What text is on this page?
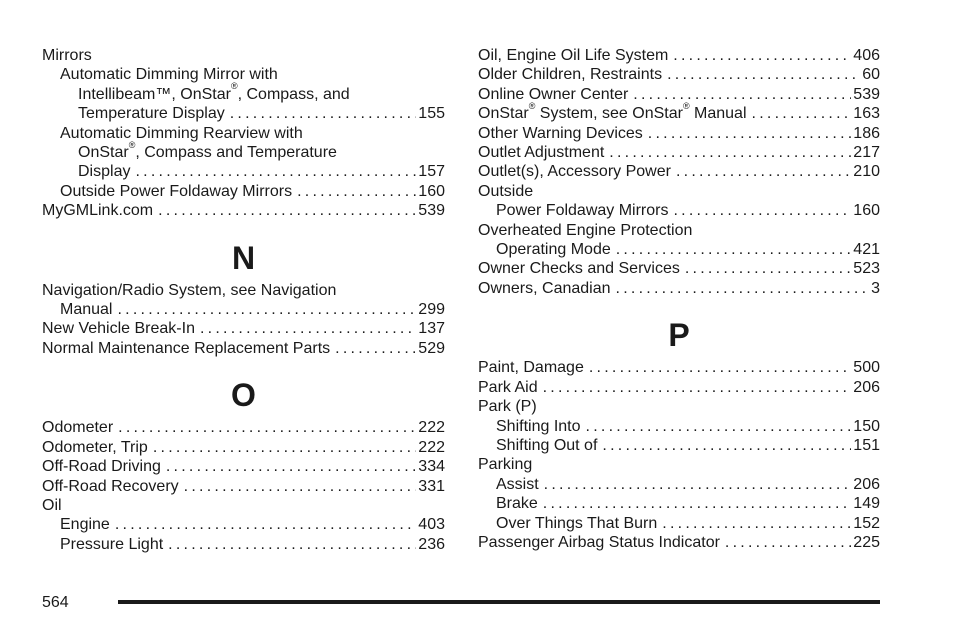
Mirrors
Automatic Dimming Mirror with
Intellibeam™, OnStar®, Compass, and
Temperature Display . . .	155
Automatic Dimming Rearview with
OnStar®, Compass and Temperature
Display . . .	157
Outside Power Foldaway Mirrors . . .	160
MyGMLink.com . . .	539
N
Navigation/Radio System, see Navigation
Manual . . .	299
New Vehicle Break-In . . .	137
Normal Maintenance Replacement Parts . . .	529
O
Odometer . . .	222
Odometer, Trip . . .	222
Off-Road Driving . . .	334
Off-Road Recovery . . .	331
Oil
Engine . . .	403
Pressure Light . . .	236
Oil, Engine Oil Life System . . .	406
Older Children, Restraints . . .	60
Online Owner Center . . .	539
OnStar® System, see OnStar® Manual . . .	163
Other Warning Devices . . .	186
Outlet Adjustment . . .	217
Outlet(s), Accessory Power . . .	210
Outside
Power Foldaway Mirrors . . .	160
Overheated Engine Protection
Operating Mode . . .	421
Owner Checks and Services . . .	523
Owners, Canadian . . .	3
P
Paint, Damage . . .	500
Park Aid . . .	206
Park (P)
Shifting Into . . .	150
Shifting Out of . . .	151
Parking
Assist . . .	206
Brake . . .	149
Over Things That Burn . . .	152
Passenger Airbag Status Indicator . . .	225
564
